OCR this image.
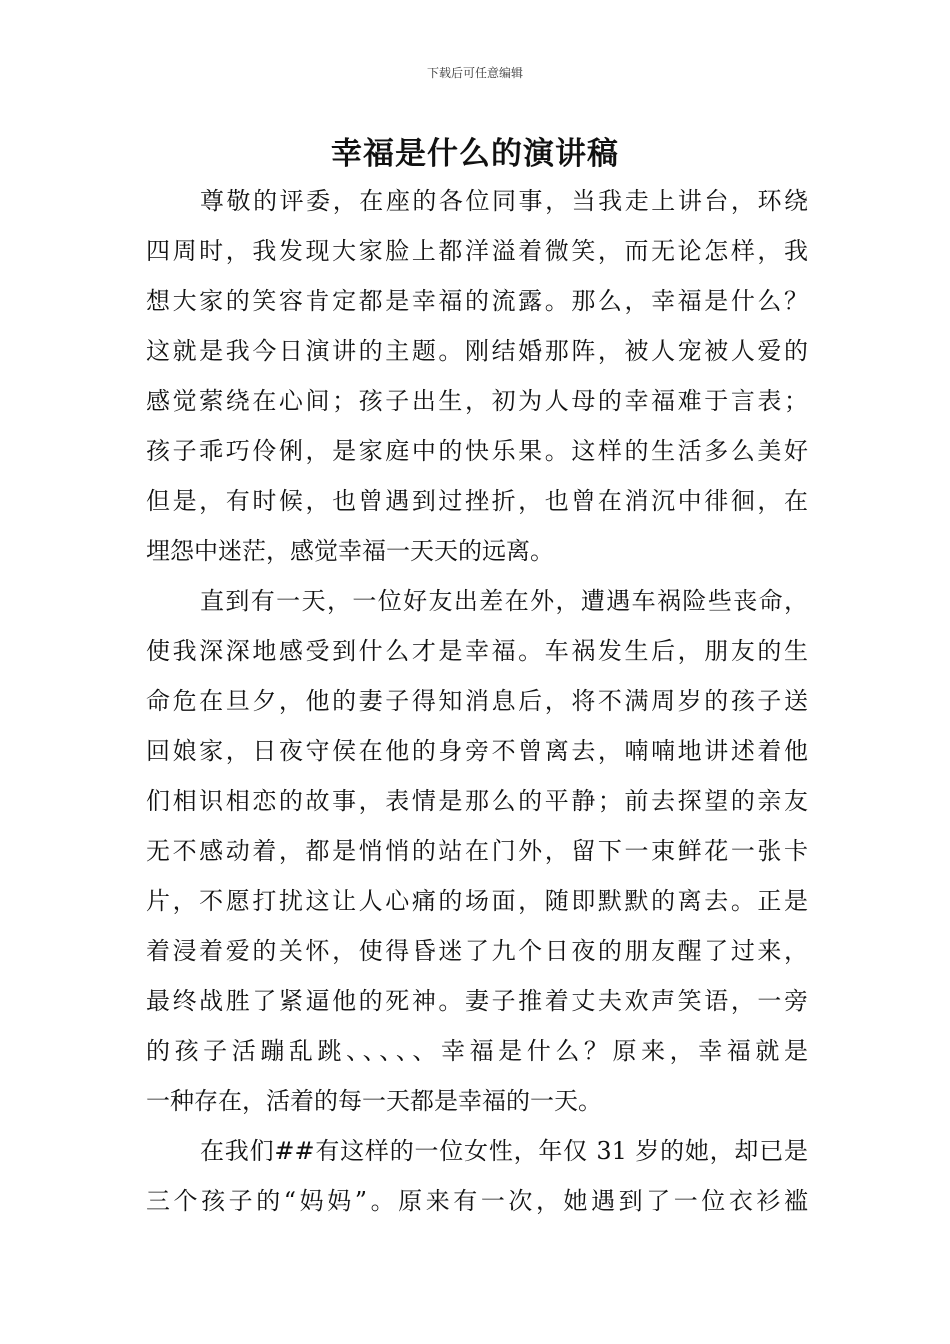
下载后可任意编辑
幸福是什么的演讲稿
尊敬的评委，在座的各位同事，当我走上讲台，环绕
四周时，我发现大家脸上都洋溢着微笑，而无论怎样，我
想大家的笑容肯定都是幸福的流露。那么，幸福是什么？
这就是我今日演讲的主题。刚结婚那阵，被人宠被人爱的
感觉萦绕在心间；孩子出生，初为人母的幸福难于言表；
孩子乖巧伶俐，是家庭中的快乐果。这样的生活多么美好
但是，有时候，也曾遇到过挫折，也曾在消沉中徘徊，在
埋怨中迷茫，感觉幸福一天天的远离。
直到有一天，一位好友出差在外，遭遇车祸险些丧命，
使我深深地感受到什么才是幸福。车祸发生后，朋友的生
命危在旦夕，他的妻子得知消息后，将不满周岁的孩子送
回娘家，日夜守侯在他的身旁不曾离去，喃喃地讲述着他
们相识相恋的故事，表情是那么的平静；前去探望的亲友
无不感动着，都是悄悄的站在门外，留下一束鲜花一张卡
片，不愿打扰这让人心痛的场面，随即默默的离去。正是
着浸着爱的关怀，使得昏迷了九个日夜的朋友醒了过来，
最终战胜了紧逼他的死神。妻子推着丈夫欢声笑语，一旁
的孩子活蹦乱跳、、、、、幸福是什么？原来，幸福就是
一种存在，活着的每一天都是幸福的一天。
在我们##有这样的一位女性，年仅 31 岁的她，却已是
三个孩子的“妈妈”。原来有一次，她遇到了一位衣衫褴
